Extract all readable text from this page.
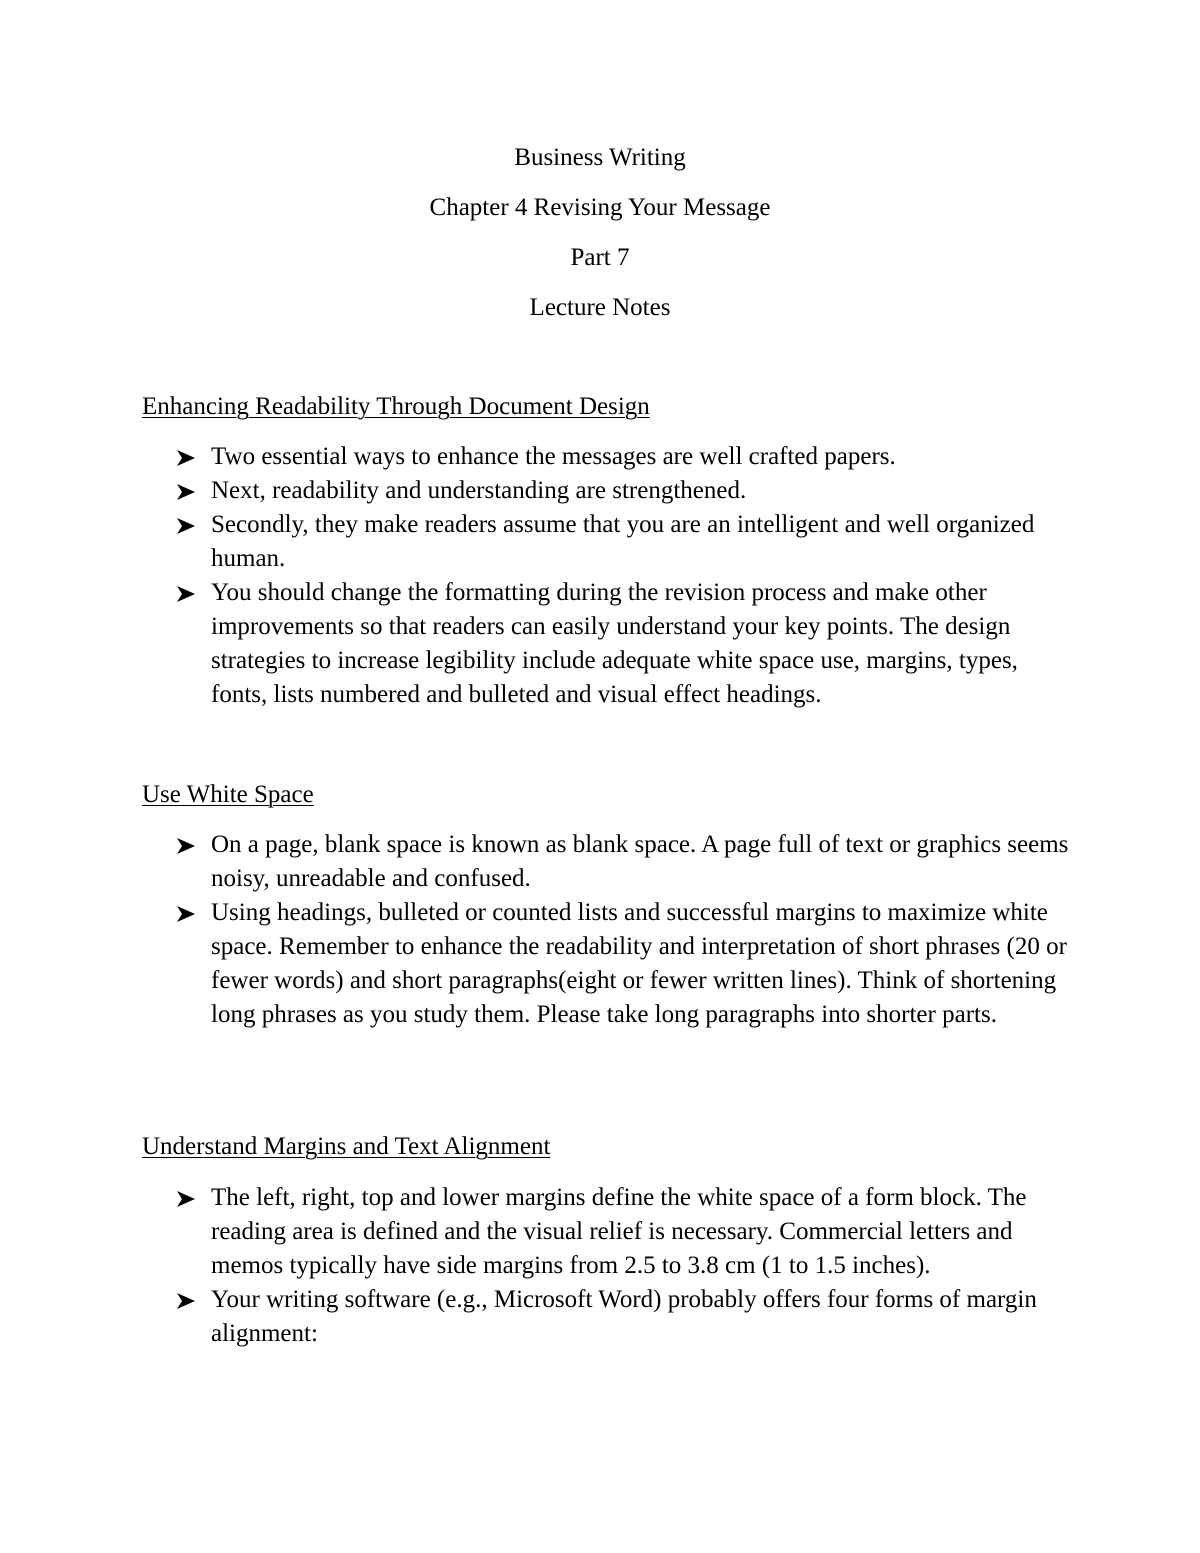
Business Writing

Chapter 4 Revising Your Message

Part 7

Lecture Notes

Enhancing Readability Through Document Design

Two essential ways to enhance the messages are well crafted papers.
Next, readability and understanding are strengthened.
Secondly, they make readers assume that you are an intelligent and well organized human.
You should change the formatting during the revision process and make other improvements so that readers can easily understand your key points. The design strategies to increase legibility include adequate white space use, margins, types, fonts, lists numbered and bulleted and visual effect headings.

Use White Space

On a page, blank space is known as blank space. A page full of text or graphics seems noisy, unreadable and confused.
Using headings, bulleted or counted lists and successful margins to maximize white space. Remember to enhance the readability and interpretation of short phrases (20 or fewer words) and short paragraphs(eight or fewer written lines). Think of shortening long phrases as you study them. Please take long paragraphs into shorter parts.

Understand Margins and Text Alignment

The left, right, top and lower margins define the white space of a form block. The reading area is defined and the visual relief is necessary. Commercial letters and memos typically have side margins from 2.5 to 3.8 cm (1 to 1.5 inches).
Your writing software (e.g., Microsoft Word) probably offers four forms of margin alignment:
